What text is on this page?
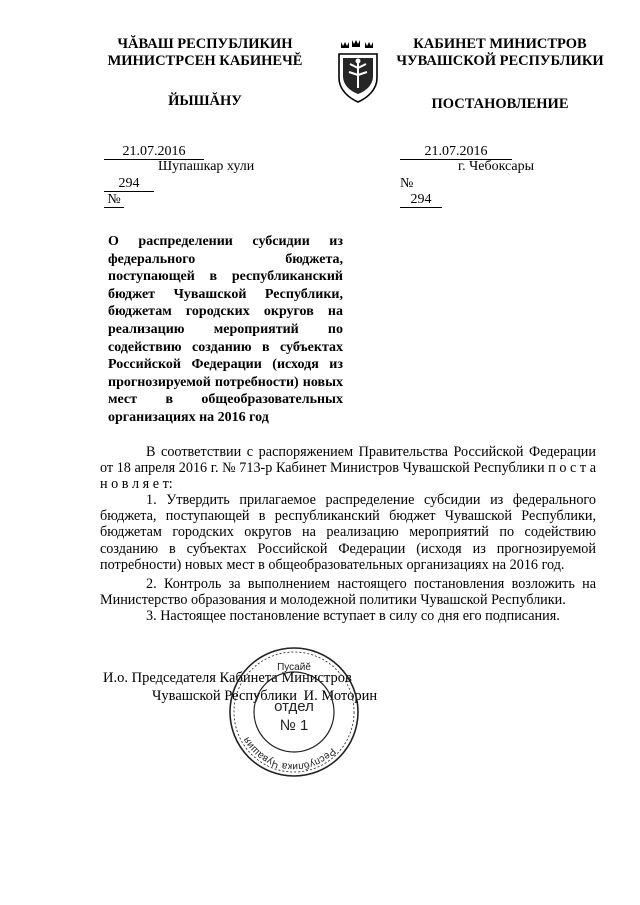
ЧĂВАШ РЕСПУБЛИКИН
МИНИСТРСЕН КАБИНЕЧĔ
ЙЫШĂНУ
КАБИНЕТ МИНИСТРОВ
ЧУВАШСКОЙ РЕСПУБЛИКИ
ПОСТАНОВЛЕНИЕ

21.07.2016

294
№

21.07.2016

№
294

Шупашкар хули	г. Чебоксары
О распределении субсидии из федерального бюджета, поступающей в республиканский бюджет Чувашской Республики, бюджетам городских округов на реализацию мероприятий по содействию созданию в субъектах Российской Федерации (исходя из прогнозируемой потребности) новых мест в общеобразовательных организациях на 2016 год
В соответствии с распоряжением Правительства Российской Федерации от 18 апреля 2016 г. № 713-р Кабинет Министров Чувашской Республики п о с т а н о в л я е т:
1. Утвердить прилагаемое распределение субсидии из федерального бюджета, поступающей в республиканский бюджет Чувашской Республики, бюджетам городских округов на реализацию мероприятий по содействию созданию в субъектах Российской Федерации (исходя из прогнозируемой потребности) новых мест в общеобразовательных организациях на 2016 год.
2. Контроль за выполнением настоящего постановления возложить на Министерство образования и молодежной политики Чувашской Республики.
3. Настоящее постановление вступает в силу со дня его подписания.
И.о. Председателя Кабинета Министров
Чувашской Республики И. Моторин
Республика Чувашия
Пусайĕ
отдел
№ 1
